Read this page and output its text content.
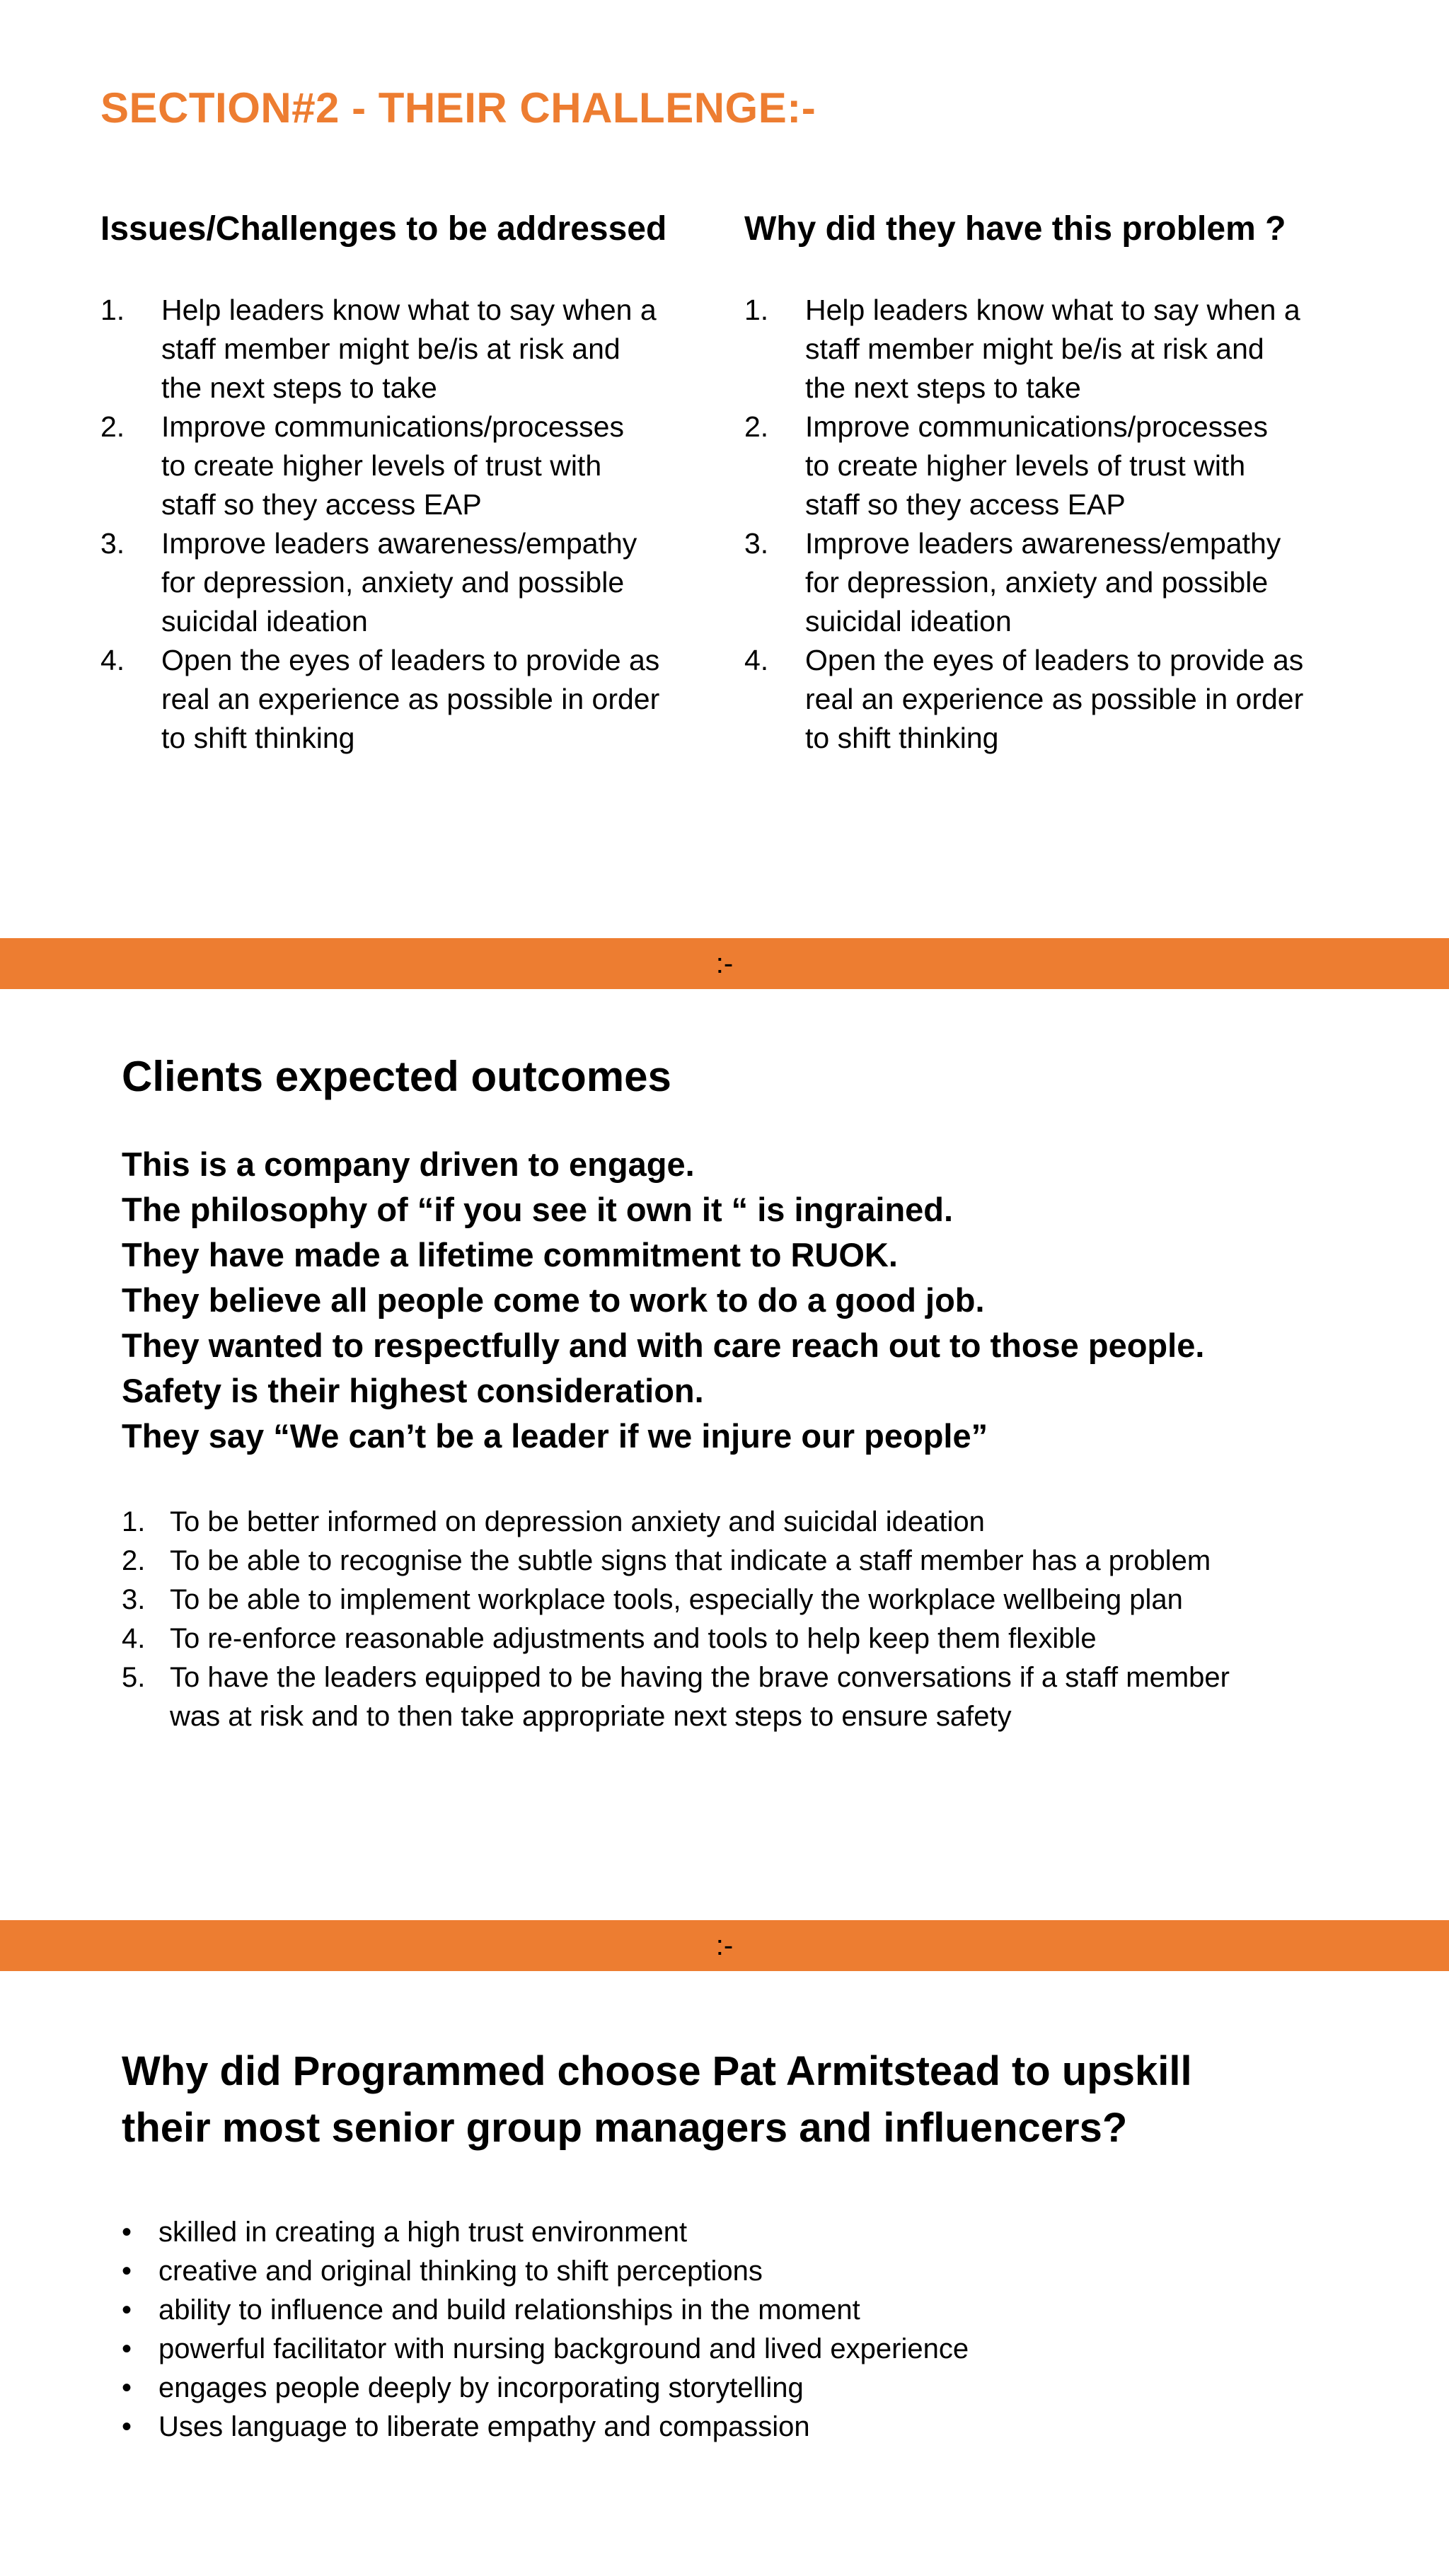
SECTION#2 - THEIR CHALLENGE:-
Issues/Challenges to be addressed
1. Help leaders know what to say when a
staff member might be/is at risk and
the next steps to take
2. Improve communications/processes
to create higher levels of trust with
staff so they access EAP
3. Improve leaders awareness/empathy
for depression, anxiety and possible
suicidal ideation
4. Open the eyes of leaders to provide as
real an experience as possible in order
to shift thinking
Why did they have this problem ?
1. Help leaders know what to say when a
staff member might be/is at risk and
the next steps to take
2. Improve communications/processes
to create higher levels of trust with
staff so they access EAP
3. Improve leaders awareness/empathy
for depression, anxiety and possible
suicidal ideation
4. Open the eyes of leaders to provide as
real an experience as possible in order
to shift thinking
:-
Clients expected outcomes
This is a company driven to engage.
The philosophy of “if you see it own it “ is ingrained.
They have made a lifetime commitment to RUOK.
They believe all people come to work to do a good job.
They wanted to respectfully and with care reach out to those people.
Safety is their highest consideration.
They say “We can’t be a leader if we injure our people”
1. To be better informed on depression anxiety and suicidal ideation
2. To be able to recognise the subtle signs that indicate a staff member has a problem
3. To be able to implement workplace tools, especially the workplace wellbeing plan
4. To re-enforce reasonable adjustments and tools to help keep them flexible
5. To have the leaders equipped to be having the brave conversations if a staff member
was at risk and to then take appropriate next steps to ensure safety
:-
Why did Programmed choose Pat Armitstead to upskill
their most senior group managers and influencers?
• skilled in creating a high trust environment
• creative and original thinking to shift perceptions
• ability to influence and build relationships in the moment
• powerful facilitator with nursing background and lived experience
• engages people deeply by incorporating storytelling
• Uses language to liberate empathy and compassion
